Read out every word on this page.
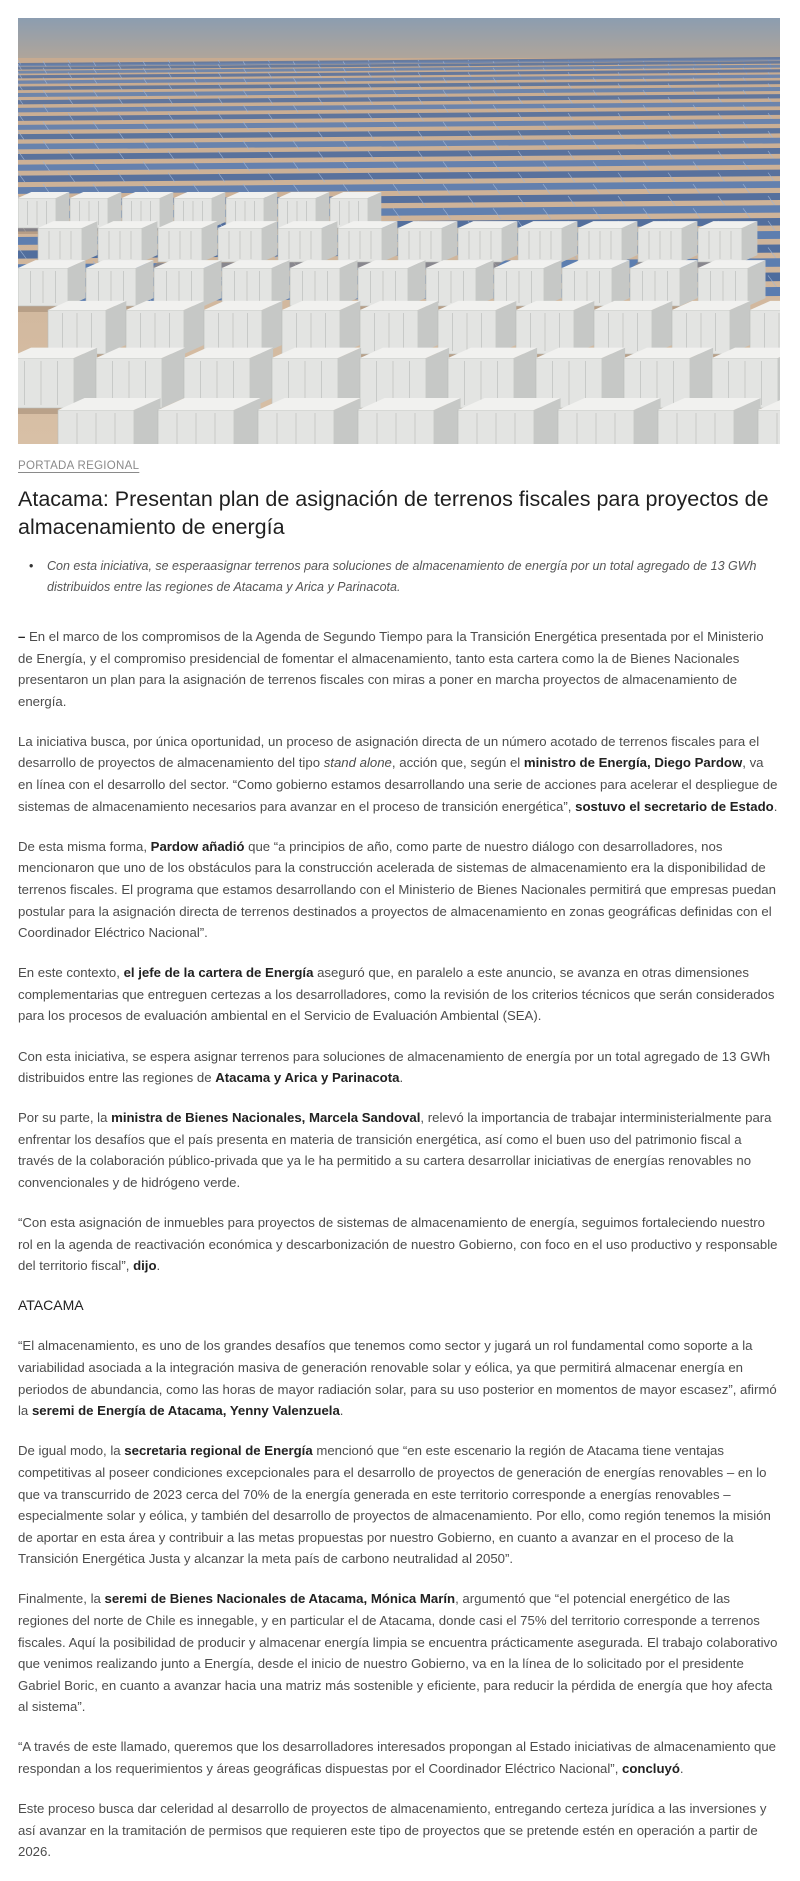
PORTADA REGIONAL
Atacama: Presentan plan de asignación de terrenos fiscales para proyectos de almacenamiento de energía
• Con esta iniciativa, se esperaasignar terrenos para soluciones de almacenamiento de energía por un total agregado de 13 GWh distribuidos entre las regiones de Atacama y Arica y Parinacota.

– En el marco de los compromisos de la Agenda de Segundo Tiempo para la Transición Energética presentada por el Ministerio de Energía, y el compromiso presidencial de fomentar el almacenamiento, tanto esta cartera como la de Bienes Nacionales presentaron un plan para la asignación de terrenos fiscales con miras a poner en marcha proyectos de almacenamiento de energía.

La iniciativa busca, por única oportunidad, un proceso de asignación directa de un número acotado de terrenos fiscales para el desarrollo de proyectos de almacenamiento del tipo stand alone, acción que, según el ministro de Energía, Diego Pardow, va en línea con el desarrollo del sector. “Como gobierno estamos desarrollando una serie de acciones para acelerar el despliegue de sistemas de almacenamiento necesarios para avanzar en el proceso de transición energética”, sostuvo el secretario de Estado.

De esta misma forma, Pardow añadió que “a principios de año, como parte de nuestro diálogo con desarrolladores, nos mencionaron que uno de los obstáculos para la construcción acelerada de sistemas de almacenamiento era la disponibilidad de terrenos fiscales. El programa que estamos desarrollando con el Ministerio de Bienes Nacionales permitirá que empresas puedan postular para la asignación directa de terrenos destinados a proyectos de almacenamiento en zonas geográficas definidas con el Coordinador Eléctrico Nacional”.

En este contexto, el jefe de la cartera de Energía aseguró que, en paralelo a este anuncio, se avanza en otras dimensiones complementarias que entreguen certezas a los desarrolladores, como la revisión de los criterios técnicos que serán considerados para los procesos de evaluación ambiental en el Servicio de Evaluación Ambiental (SEA).

Con esta iniciativa, se espera asignar terrenos para soluciones de almacenamiento de energía por un total agregado de 13 GWh distribuidos entre las regiones de Atacama y Arica y Parinacota.

Por su parte, la ministra de Bienes Nacionales, Marcela Sandoval, relevó la importancia de trabajar interministerialmente para enfrentar los desafíos que el país presenta en materia de transición energética, así como el buen uso del patrimonio fiscal a través de la colaboración público-privada que ya le ha permitido a su cartera desarrollar iniciativas de energías renovables no convencionales y de hidrógeno verde.

“Con esta asignación de inmuebles para proyectos de sistemas de almacenamiento de energía, seguimos fortaleciendo nuestro rol en la agenda de reactivación económica y descarbonización de nuestro Gobierno, con foco en el uso productivo y responsable del territorio fiscal”, dijo.

ATACAMA

“El almacenamiento, es uno de los grandes desafíos que tenemos como sector y jugará un rol fundamental como soporte a la variabilidad asociada a la integración masiva de generación renovable solar y eólica, ya que permitirá almacenar energía en periodos de abundancia, como las horas de mayor radiación solar, para su uso posterior en momentos de mayor escasez”, afirmó la seremi de Energía de Atacama, Yenny Valenzuela.

De igual modo, la secretaria regional de Energía mencionó que “en este escenario la región de Atacama tiene ventajas competitivas al poseer condiciones excepcionales para el desarrollo de proyectos de generación de energías renovables – en lo que va transcurrido de 2023 cerca del 70% de la energía generada en este territorio corresponde a energías renovables – especialmente solar y eólica, y también del desarrollo de proyectos de almacenamiento. Por ello, como región tenemos la misión de aportar en esta área y contribuir a las metas propuestas por nuestro Gobierno, en cuanto a avanzar en el proceso de la Transición Energética Justa y alcanzar la meta país de carbono neutralidad al 2050”.

Finalmente, la seremi de Bienes Nacionales de Atacama, Mónica Marín, argumentó que “el potencial energético de las regiones del norte de Chile es innegable, y en particular el de Atacama, donde casi el 75% del territorio corresponde a terrenos fiscales. Aquí la posibilidad de producir y almacenar energía limpia se encuentra prácticamente asegurada. El trabajo colaborativo que venimos realizando junto a Energía, desde el inicio de nuestro Gobierno, va en la línea de lo solicitado por el presidente Gabriel Boric, en cuanto a avanzar hacia una matriz más sostenible y eficiente, para reducir la pérdida de energía que hoy afecta al sistema”.

“A través de este llamado, queremos que los desarrolladores interesados propongan al Estado iniciativas de almacenamiento que respondan a los requerimientos y áreas geográficas dispuestas por el Coordinador Eléctrico Nacional”, concluyó.

Este proceso busca dar celeridad al desarrollo de proyectos de almacenamiento, entregando certeza jurídica a las inversiones y así avanzar en la tramitación de permisos que requieren este tipo de proyectos que se pretende estén en operación a partir de 2026.
